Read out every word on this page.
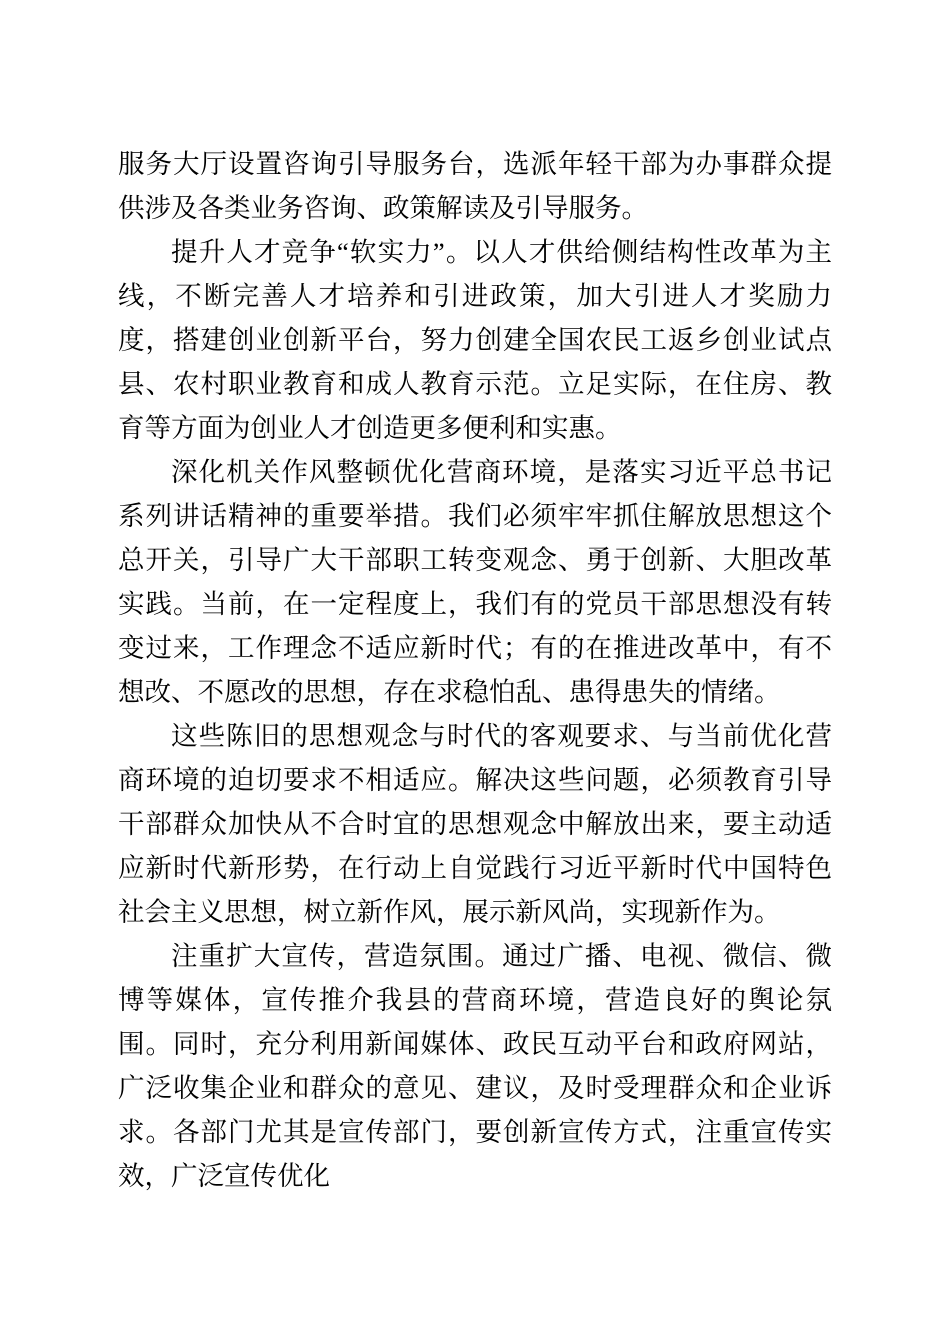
服务大厅设置咨询引导服务台，选派年轻干部为办事群众提供涉及各类业务咨询、政策解读及引导服务。

提升人才竞争“软实力”。以人才供给侧结构性改革为主线，不断完善人才培养和引进政策，加大引进人才奖励力度，搭建创业创新平台，努力创建全国农民工返乡创业试点县、农村职业教育和成人教育示范。立足实际，在住房、教育等方面为创业人才创造更多便利和实惠。

深化机关作风整顿优化营商环境，是落实习近平总书记系列讲话精神的重要举措。我们必须牢牢抓住解放思想这个总开关，引导广大干部职工转变观念、勇于创新、大胆改革实践。当前，在一定程度上，我们有的党员干部思想没有转变过来，工作理念不适应新时代；有的在推进改革中，有不想改、不愿改的思想，存在求稳怕乱、患得患失的情绪。

这些陈旧的思想观念与时代的客观要求、与当前优化营商环境的迫切要求不相适应。解决这些问题，必须教育引导干部群众加快从不合时宜的思想观念中解放出来，要主动适应新时代新形势，在行动上自觉践行习近平新时代中国特色社会主义思想，树立新作风，展示新风尚，实现新作为。

注重扩大宣传，营造氛围。通过广播、电视、微信、微博等媒体，宣传推介我县的营商环境，营造良好的舆论氛围。同时，充分利用新闻媒体、政民互动平台和政府网站，广泛收集企业和群众的意见、建议，及时受理群众和企业诉求。各部门尤其是宣传部门，要创新宣传方式，注重宣传实效，广泛宣传优化
